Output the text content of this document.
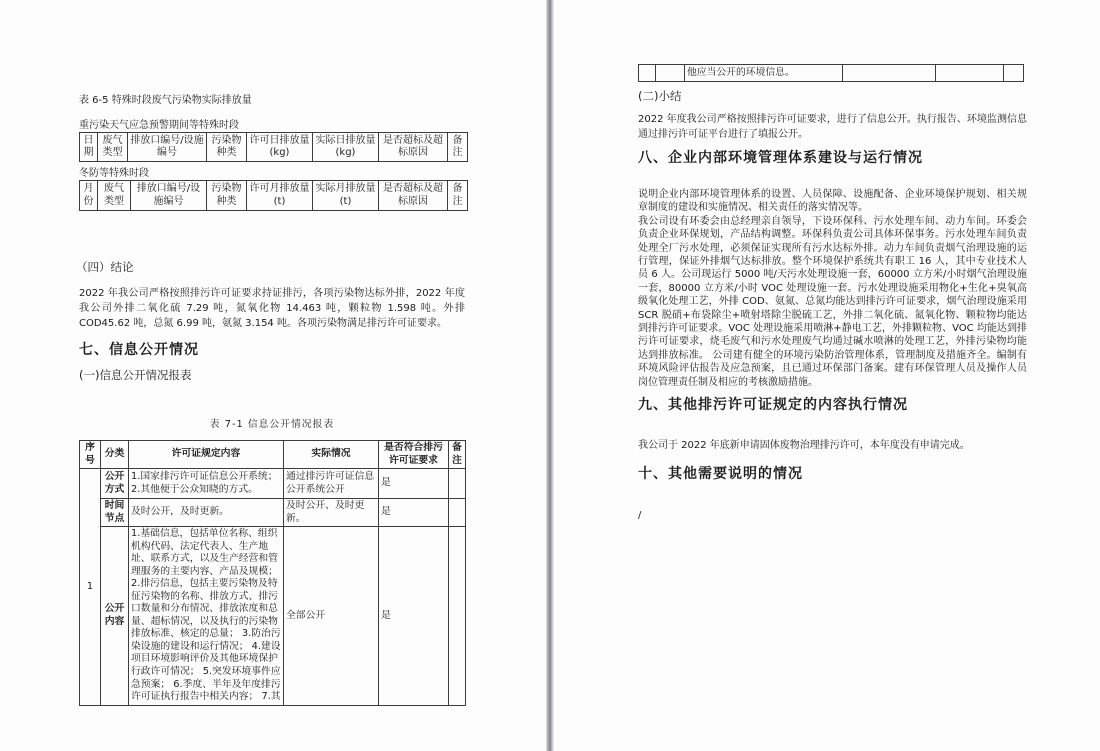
表 6-5 特殊时段废气污染物实际排放量
重污染天气应急预警期间等特殊时段
日期	废气类型	排放口编号/设施编号	污染物种类	许可日排放量(kg)	实际日排放量(kg)	是否超标及超标原因	备注
冬防等特殊时段
月份	废气类型	排放口编号/设施编号	污染物种类	许可月排放量(t)	实际月排放量(t)	是否超标及超标原因	备注
（四）结论
2022 年我公司严格按照排污许可证要求持证排污，各项污染物达标外排，2022 年度我公司外排二氧化硫 7.29 吨，氮氧化物 14.463 吨，颗粒物 1.598 吨。外排 COD45.62 吨，总氮 6.99 吨，氨氮 3.154 吨。各项污染物满足排污许可证要求。
七、信息公开情况
(一)信息公开情况报表
表 7-1 信息公开情况报表
序号	分类	许可证规定内容	实际情况	是否符合排污许可证要求	备注
1	公开方式	1.国家排污许可证信息公开系统；2.其他便于公众知晓的方式。	通过排污许可证信息公开系统公开	是	
	时间节点	及时公开，及时更新。	及时公开、及时更新。	是	
	公开内容	1.基础信息，包括单位名称、组织机构代码、法定代表人、生产地址、联系方式，以及生产经营和管理服务的主要内容、产品及规模；2.排污信息，包括主要污染物及特征污染物的名称、排放方式、排污口数量和分布情况、排放浓度和总量、超标情况，以及执行的污染物排放标准、核定的总量； 3.防治污染设施的建设和运行情况； 4.建设项目环境影响评价及其他环境保护行政许可情况； 5.突发环境事件应急预案； 6.季度、半年及年度排污许可证执行报告中相关内容； 7.其	全部公开	是	
		他应当公开的环境信息。			
(二)小结
2022 年度我公司严格按照排污许可证要求，进行了信息公开。执行报告、环境监测信息通过排污许可证平台进行了填报公开。
八、企业内部环境管理体系建设与运行情况
说明企业内部环境管理体系的设置、人员保障、设施配备、企业环境保护规划、相关规章制度的建设和实施情况、相关责任的落实情况等。
我公司设有环委会由总经理亲自领导，下设环保科、污水处理车间、动力车间。环委会负责企业环保规划，产品结构调整。环保科负责公司具体环保事务。污水处理车间负责处理全厂污水处理，必须保证实现所有污水达标外排。动力车间负责烟气治理设施的运行管理，保证外排烟气达标排放。整个环境保护系统共有职工 16 人，其中专业技术人员 6 人。公司现运行 5000 吨/天污水处理设施一套，60000 立方米/小时烟气治理设施一套，80000 立方米/小时 VOC 处理设施一套。污水处理设施采用物化+生化+臭氧高级氧化处理工艺，外排 COD、氨氮、总氮均能达到排污许可证要求，烟气治理设施采用 SCR 脱硝+布袋除尘+喷射塔除尘脱硫工艺，外排二氧化硫、氮氧化物、颗粒物均能达到排污许可证要求。VOC 处理设施采用喷淋+静电工艺，外排颗粒物、VOC 均能达到排污许可证要求，烧毛废气和污水处理废气均通过碱水喷淋的处理工艺，外排污染物均能达到排放标准。 公司建有健全的环境污染防治管理体系，管理制度及措施齐全。编制有环境风险评估报告及应急预案，且已通过环保部门备案。建有环保管理人员及操作人员岗位管理责任制及相应的考核激励措施。
九、其他排污许可证规定的内容执行情况
我公司于 2022 年底新申请固体废物治理排污许可，本年度没有申请完成。
十、其他需要说明的情况
/
